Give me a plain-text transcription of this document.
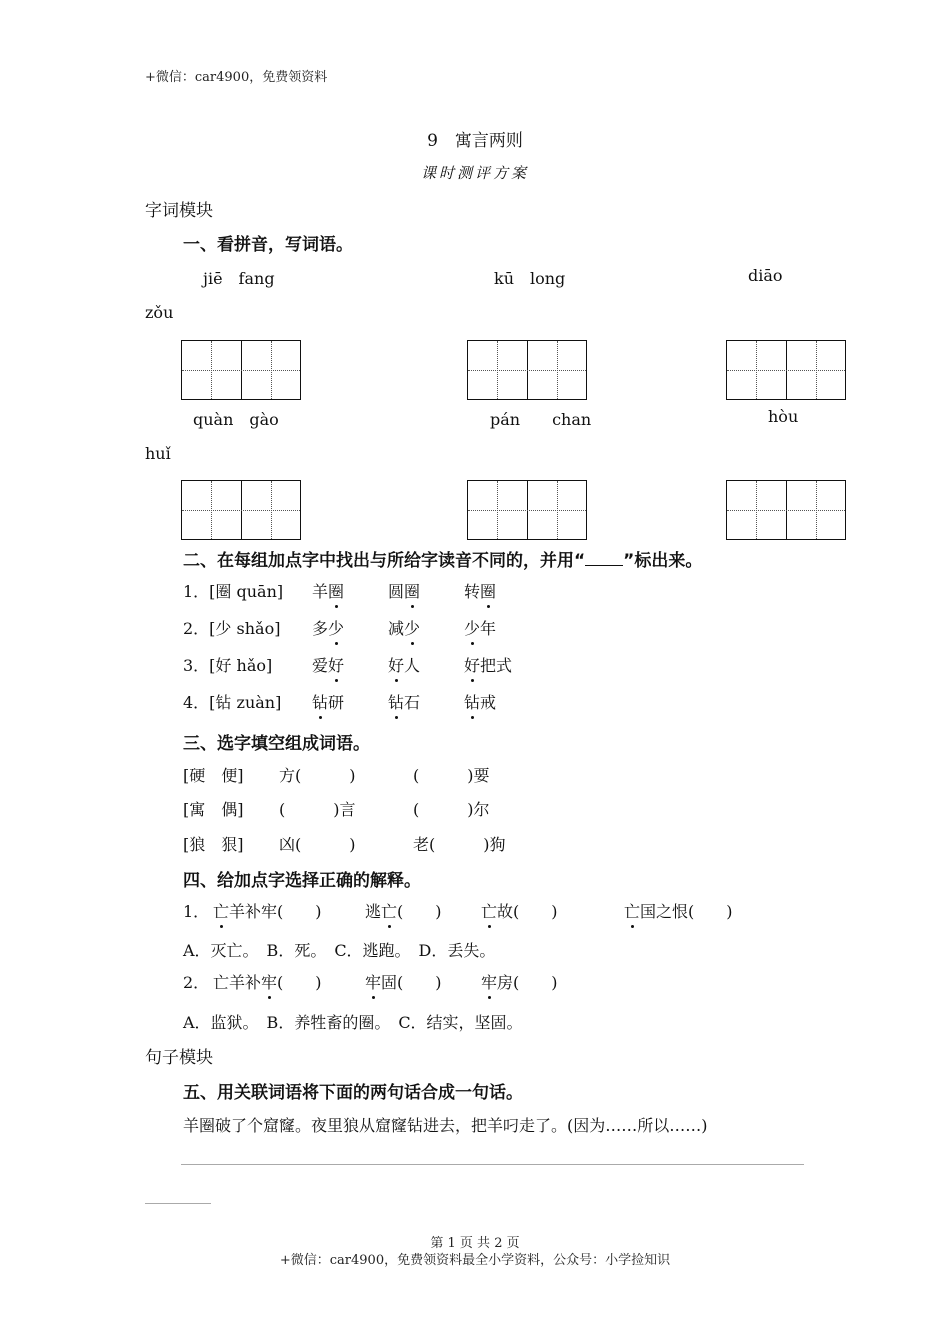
+微信：car4900，免费领资料
9　寓言两则
课时测评方案
字词模块
一、看拼音，写词语。
jiē　fang	kū　long	diāo
zǒu
quàn　gào	pán　　chan	hòu
huǐ
二、在每组加点字中找出与所给字读音不同的，并用“ ”标出来。
1．[圈 quān] 羊圈	圆圈	转圈
2．[少 shǎo] 多少	减少	少年
3．[好 hǎo] 爱好	好人	好把式
4．[钻 zuàn] 钻研	钻石	钻戒
三、选字填空组成词语。
[硬　便] 方(　　　)	(　　　)要
[寓　偶] (　　　)言	(　　　)尔
[狼　狠] 凶(　　　)	老(　　　)狗
四、给加点字选择正确的解释。
1． 亡羊补牢(　　)	逃亡(　　) 亡故(　　)	亡国之恨(　　)
A．灭亡。　B．死。　C．逃跑。　D．丢失。
2． 亡羊补牢(　　)	牢固(　　) 牢房(　　)
A．监狱。　B．养牲畜的圈。　C．结实，坚固。
句子模块
五、用关联词语将下面的两句话合成一句话。
羊圈破了个窟窿。夜里狼从窟窿钻进去，把羊叼走了。(因为……所以……)
第 1 页 共 2 页
+微信：car4900，免费领资料最全小学资料，公众号：小学捡知识
